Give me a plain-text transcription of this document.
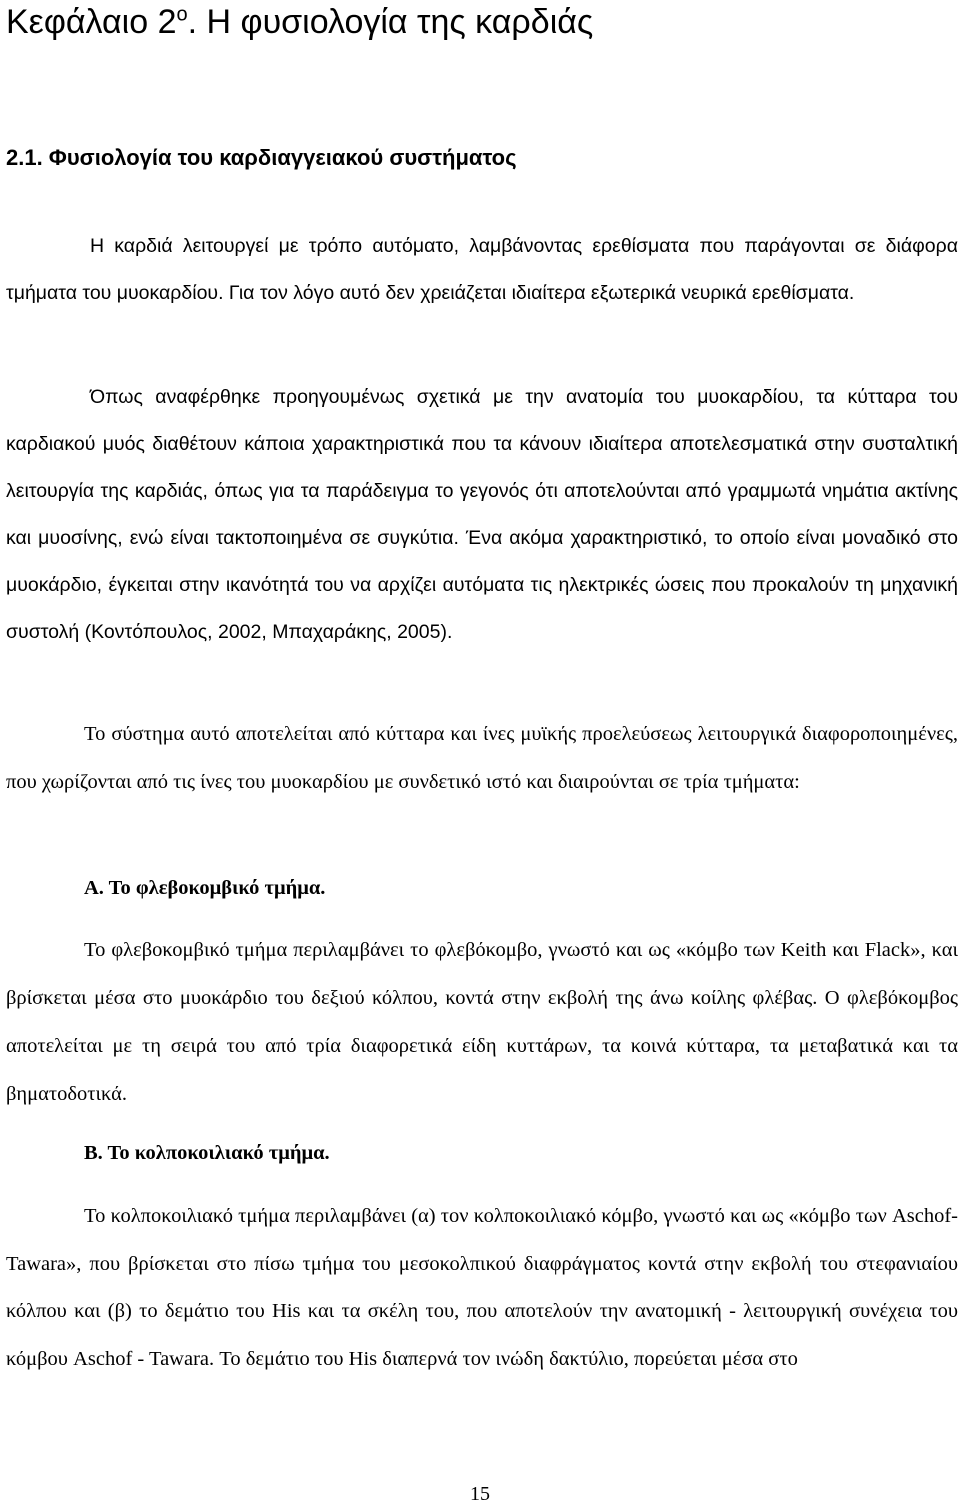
Κεφάλαιο $2^o$. Η φυσιολογία της καρδιάς
2.1. Φυσιολογία του καρδιαγγειακού συστήματος

Η καρδιά λειτουργεί με τρόπο αυτόματο, λαμβάνοντας ερεθίσματα που παράγονται σε διάφορα τμήματα του μυοκαρδίου. Για τον λόγο αυτό δεν χρειάζεται ιδιαίτερα εξωτερικά νευρικά ερεθίσματα.

Όπως αναφέρθηκε προηγουμένως σχετικά με την ανατομία του μυοκαρδίου, τα κύτταρα του καρδιακού μυός διαθέτουν κάποια χαρακτηριστικά που τα κάνουν ιδιαίτερα αποτελεσματικά στην συσταλτική λειτουργία της καρδιάς, όπως για τα παράδειγμα το γεγονός ότι αποτελούνται από γραμμωτά νημάτια ακτίνης και μυοσίνης, ενώ είναι τακτοποιημένα σε συγκύτια. Ένα ακόμα χαρακτηριστικό, το οποίο είναι μοναδικό στο μυοκάρδιο, έγκειται στην ικανότητά του να αρχίζει αυτόματα τις ηλεκτρικές ώσεις που προκαλούν τη μηχανική συστολή (Κοντόπουλος, 2002, Μπαχαράκης, 2005).

Το σύστημα αυτό αποτελείται από κύτταρα και ίνες μυϊκής προελεύσεως λειτουργικά διαφοροποιημένες, που χωρίζονται από τις ίνες του μυοκαρδίου με συνδετικό ιστό και διαιρούνται σε τρία τμήματα:

Α. Το φλεβοκομβικό τμήμα.

Το φλεβοκομβικό τμήμα περιλαμβάνει το φλεβόκομβο, γνωστό και ως «κόμβο των Keith και Flack», και βρίσκεται μέσα στο μυοκάρδιο του δεξιού κόλπου, κοντά στην εκβολή της άνω κοίλης φλέβας. Ο φλεβόκομβος αποτελείται με τη σειρά του από τρία διαφορετικά είδη κυττάρων, τα κοινά κύτταρα, τα μεταβατικά και τα βηματοδοτικά.

Β. Το κολποκοιλιακό τμήμα.

Το κολποκοιλιακό τμήμα περιλαμβάνει (α) τον κολποκοιλιακό κόμβο, γνωστό και ως «κόμβο των Aschof- Tawara», που βρίσκεται στο πίσω τμήμα του μεσοκολπικού διαφράγματος κοντά στην εκβολή του στεφανιαίου κόλπου και (β) το δεμάτιο του His και τα σκέλη του, που αποτελούν την ανατομική - λειτουργική συνέχεια του κόμβου Aschof - Tawara. Το δεμάτιο του His διαπερνά τον ινώδη δακτύλιο, πορεύεται μέσα στο

15
